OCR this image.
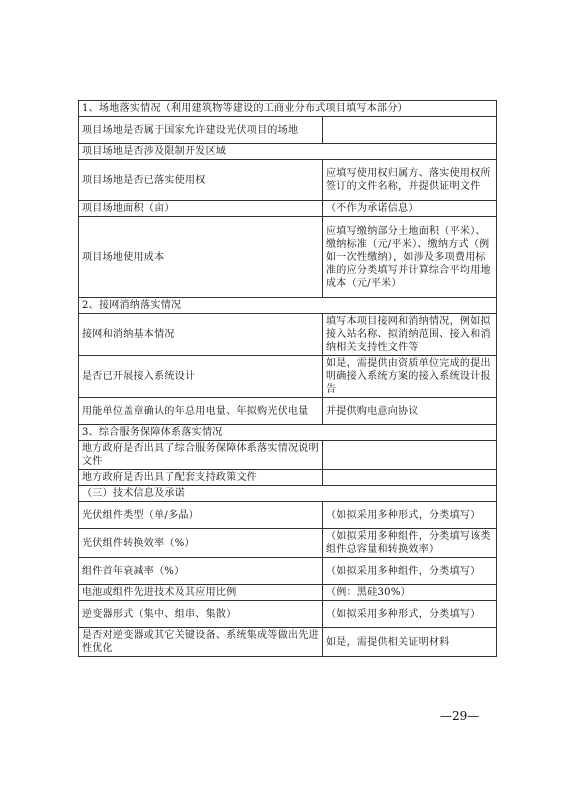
1、场地落实情况（利用建筑物等建设的工商业分布式项目填写本部分）	
项目场地是否属于国家允许建设光伏项目的场地	
项目场地是否涉及限制开发区域	
项目场地是否已落实使用权	应填写使用权归属方、落实使用权所签订的文件名称，并提供证明文件
项目场地面积（亩）	（不作为承诺信息）
项目场地使用成本	应填写缴纳部分土地面积（平米）、缴纳标准（元/平米）、缴纳方式（例如一次性缴纳），如涉及多项费用标准的应分类填写并计算综合平均用地成本（元/平米）
2、接网消纳落实情况	
接网和消纳基本情况	填写本项目接网和消纳情况，例如拟接入站名称、拟消纳范围、接入和消纳相关支持性文件等
是否已开展接入系统设计	如是，需提供由资质单位完成的提出明确接入系统方案的接入系统设计报告
用能单位盖章确认的年总用电量、年拟购光伏电量	并提供购电意向协议
3、综合服务保障体系落实情况	
地方政府是否出具了综合服务保障体系落实情况说明文件	
地方政府是否出具了配套支持政策文件	
（三）技术信息及承诺	
光伏组件类型（单/多晶）	（如拟采用多种形式，分类填写）
光伏组件转换效率（%）	（如拟采用多种组件，分类填写该类组件总容量和转换效率）
组件首年衰减率（%）	（如拟采用多种组件，分类填写）
电池或组件先进技术及其应用比例	（例：黑硅30%）
逆变器形式（集中、组串、集散）	（如拟采用多种形式，分类填写）
是否对逆变器或其它关键设备、系统集成等做出先进性优化	如是，需提供相关证明材料
—29—
